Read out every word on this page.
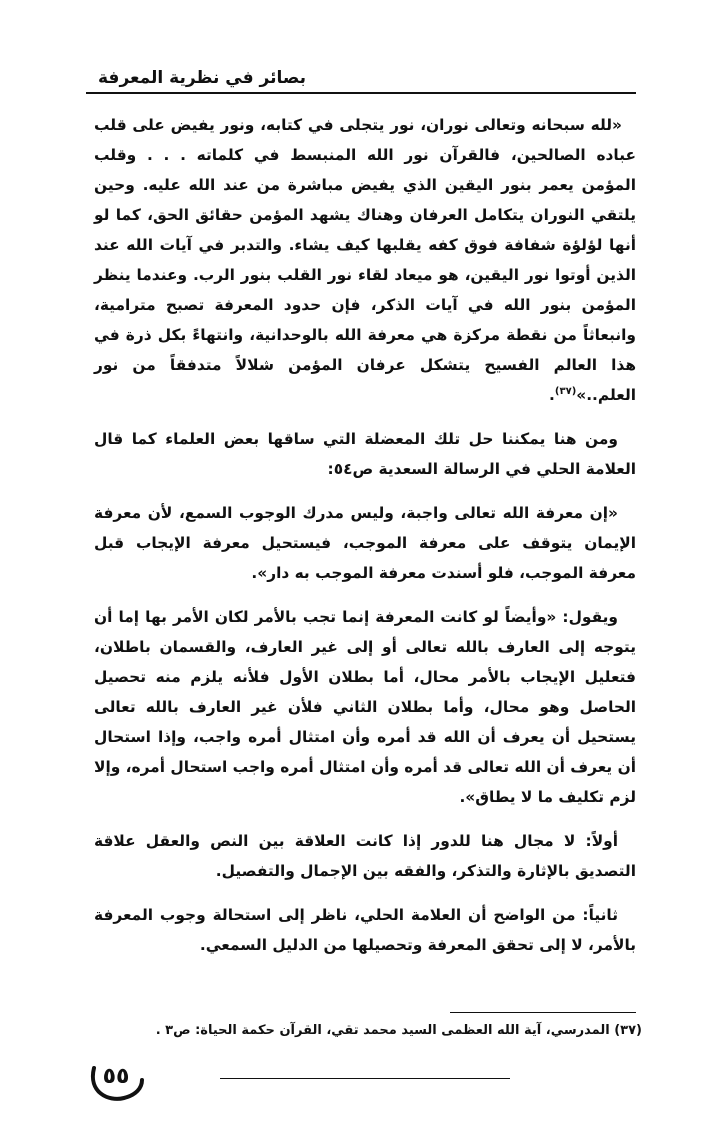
بصائر في نظرية المعرفة

«لله سبحانه وتعالى نوران، نور يتجلى في كتابه، ونور يفيض على قلب عباده الصالحين، فالقرآن نور الله المنبسط في كلماته . . . وقلب المؤمن يعمر بنور اليقين الذي يفيض مباشرة من عند الله عليه. وحين يلتقي النوران يتكامل العرفان وهناك يشهد المؤمن حقائق الحق، كما لو أنها لؤلؤة شفافة فوق كفه يقلبها كيف يشاء. والتدبر في آيات الله عند الذين أوتوا نور اليقين، هو ميعاد لقاء نور القلب بنور الرب. وعندما ينظر المؤمن بنور الله في آيات الذكر، فإن حدود المعرفة تصبح مترامية، وانبعاثاً من نقطة مركزة هي معرفة الله بالوحدانية، وانتهاءً بكل ذرة في هذا العالم الفسيح يتشكل عرفان المؤمن شلالاً متدفقاً من نور العلم..»$^{(٣٧)}$.

ومن هنا يمكننا حل تلك المعضلة التي ساقها بعض العلماء كما قال العلامة الحلي في الرسالة السعدية ص٥٤:

«إن معرفة الله تعالى واجبة، وليس مدرك الوجوب السمع، لأن معرفة الإيمان يتوقف على معرفة الموجب، فيستحيل معرفة الإيجاب قبل معرفة الموجب، فلو أسندت معرفة الموجب به دار».

ويقول: «وأيضاً لو كانت المعرفة إنما تجب بالأمر لكان الأمر بها إما أن يتوجه إلى العارف بالله تعالى أو إلى غير العارف، والقسمان باطلان، فتعليل الإيجاب بالأمر محال، أما بطلان الأول فلأنه يلزم منه تحصيل الحاصل وهو محال، وأما بطلان الثاني فلأن غير العارف بالله تعالى يستحيل أن يعرف أن الله قد أمره وأن امتثال أمره واجب، وإذا استحال أن يعرف أن الله تعالى قد أمره وأن امتثال أمره واجب استحال أمره، وإلا لزم تكليف ما لا يطاق».

أولاً: لا مجال هنا للدور إذا كانت العلاقة بين النص والعقل علاقة التصديق بالإثارة والتذكر، والفقه بين الإجمال والتفصيل.

ثانياً: من الواضح أن العلامة الحلي، ناظر إلى استحالة وجوب المعرفة بالأمر، لا إلى تحقق المعرفة وتحصيلها من الدليل السمعي.

(٣٧) المدرسي، آية الله العظمى السيد محمد تقي، القرآن حكمة الحياة: ص٣ .
٥٥
